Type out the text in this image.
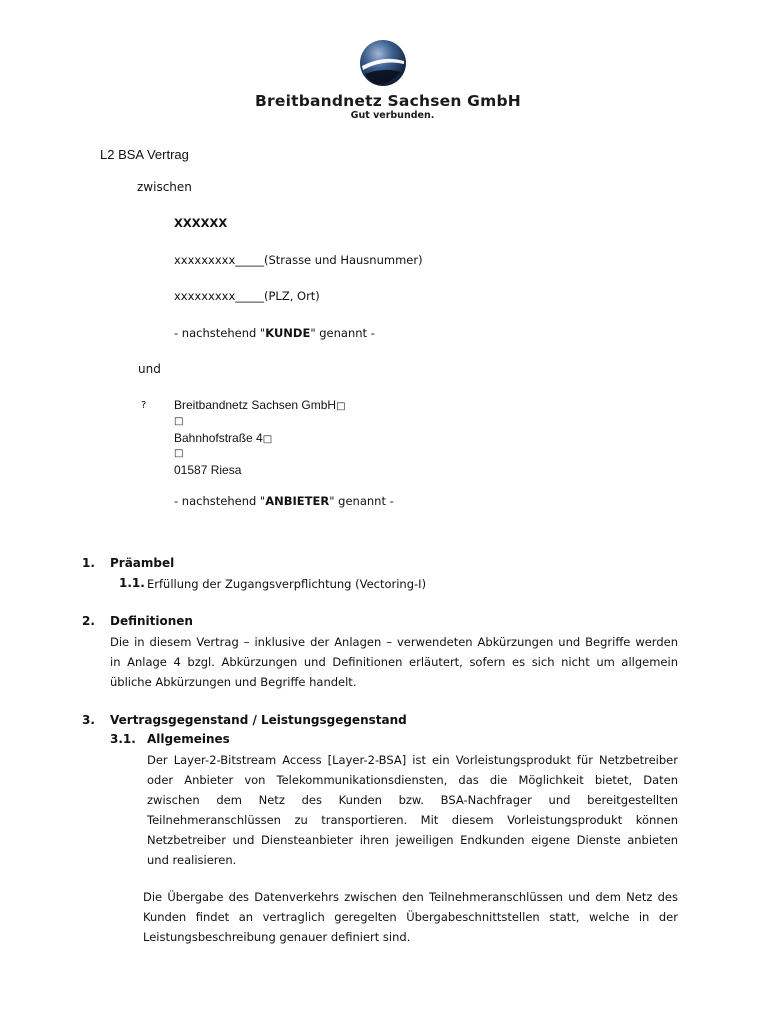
Breitbandnetz Sachsen GmbH
Gut verbunden.
L2 BSA Vertrag
zwischen
XXXXXX
xxxxxxxxx_____(Strasse und Hausnummer)
xxxxxxxxx_____(PLZ, Ort)
- nachstehend "KUNDE" genannt -
und
? Breitbandnetz Sachsen GmbH□
□
Bahnhofstraße 4□
□
01587 Riesa
- nachstehend "ANBIETER" genannt -
1. Präambel
1.1. Erfüllung der Zugangsverpflichtung (Vectoring-I)
2. Definitionen
Die in diesem Vertrag – inklusive der Anlagen – verwendeten Abkürzungen und Begriffe werden
in Anlage 4 bzgl. Abkürzungen und Definitionen erläutert, sofern es sich nicht um allgemein
übliche Abkürzungen und Begriffe handelt.
3. Vertragsgegenstand / Leistungsgegenstand
3.1. Allgemeines
Der Layer-2-Bitstream Access [Layer-2-BSA] ist ein Vorleistungsprodukt für Netzbetreiber
oder Anbieter von Telekommunikationsdiensten, das die Möglichkeit bietet, Daten
zwischen dem Netz des Kunden bzw. BSA-Nachfrager und bereitgestellten
Teilnehmeranschlüssen zu transportieren. Mit diesem Vorleistungsprodukt können
Netzbetreiber und Diensteanbieter ihren jeweiligen Endkunden eigene Dienste anbieten
und realisieren.
Die Übergabe des Datenverkehrs zwischen den Teilnehmeranschlüssen und dem Netz des
Kunden findet an vertraglich geregelten Übergabeschnittstellen statt, welche in der
Leistungsbeschreibung genauer definiert sind.
